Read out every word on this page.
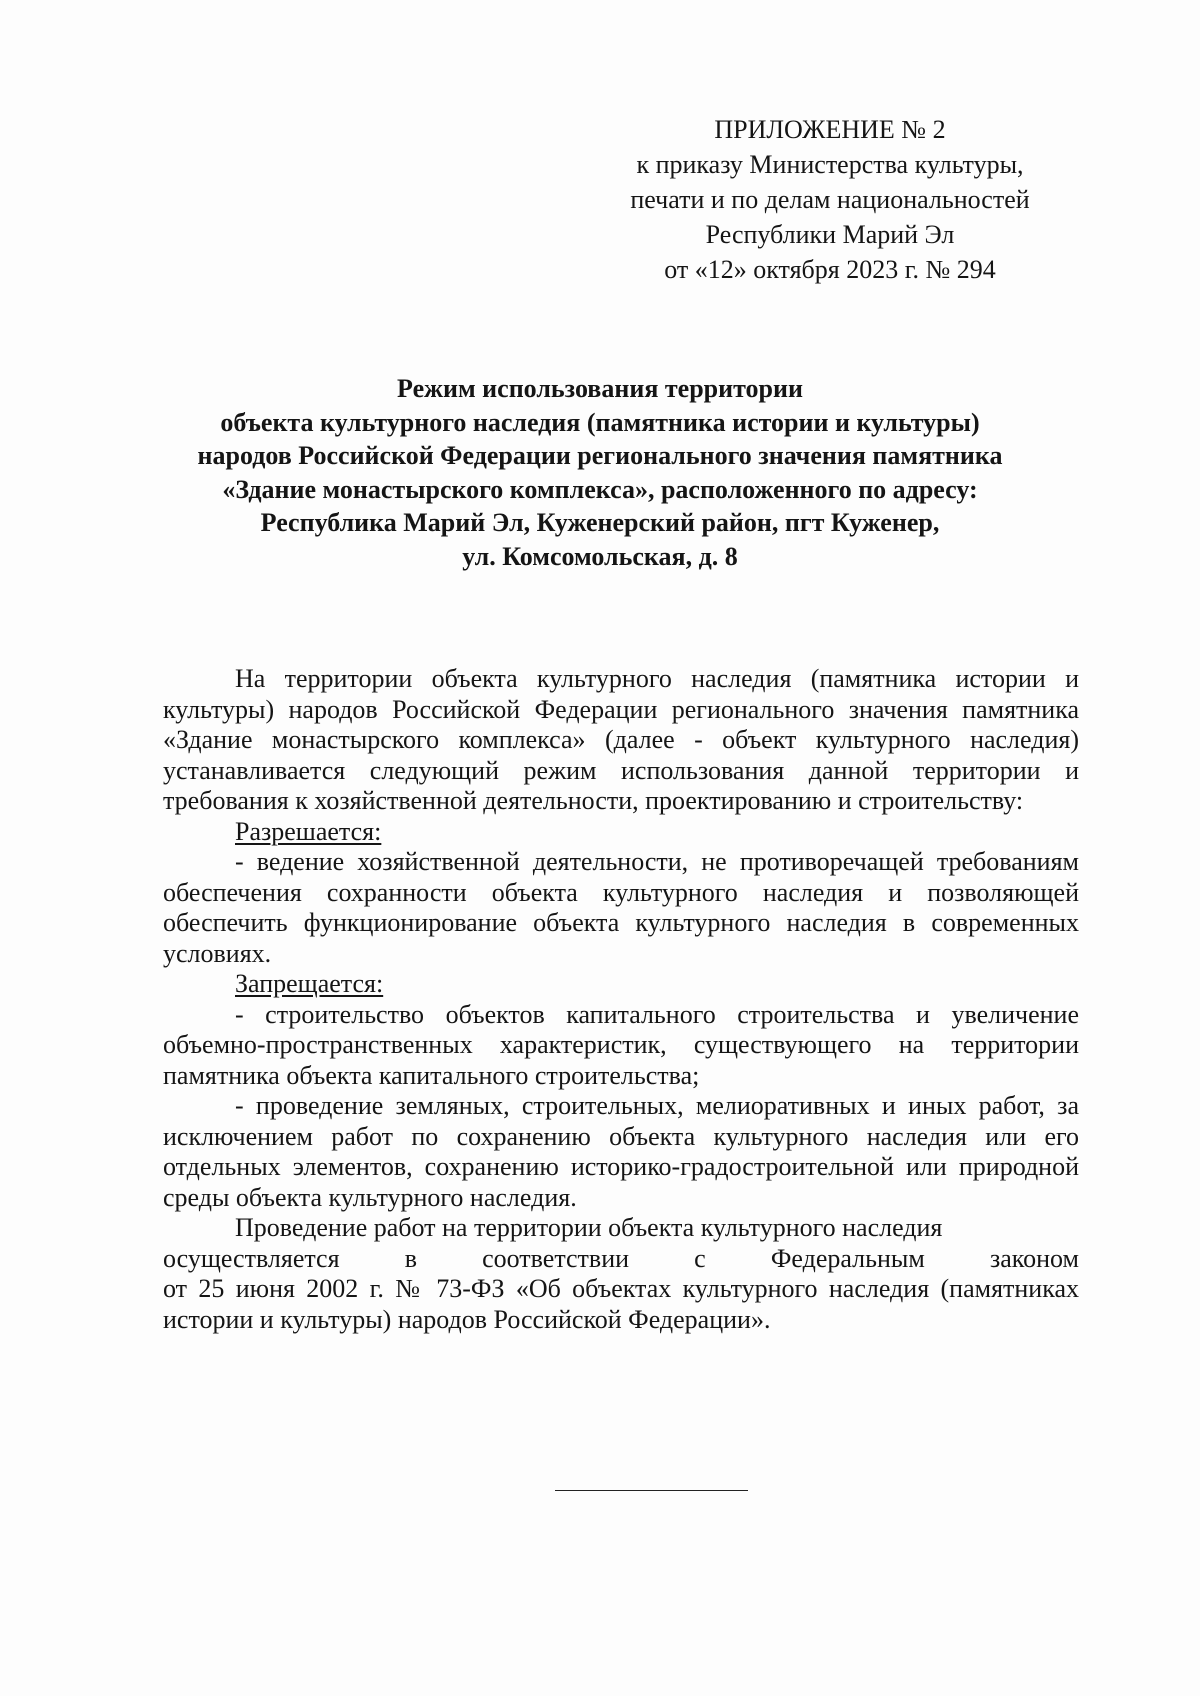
ПРИЛОЖЕНИЕ № 2
к приказу Министерства культуры,
печати и по делам национальностей
Республики Марий Эл
от «12» октября 2023 г. № 294
Режим использования территории
объекта культурного наследия (памятника истории и культуры)
народов Российской Федерации регионального значения памятника
«Здание монастырского комплекса», расположенного по адресу:
Республика Марий Эл, Куженерский район, пгт Куженер,
ул. Комсомольская, д. 8

На территории объекта культурного наследия (памятника истории и культуры) народов Российской Федерации регионального значения памятника «Здание монастырского комплекса» (далее - объект культурного наследия) устанавливается следующий режим использования данной территории и требования к хозяйственной деятельности, проектированию и строительству:

Разрешается:

- ведение хозяйственной деятельности, не противоречащей требованиям обеспечения сохранности объекта культурного наследия и позволяющей обеспечить функционирование объекта культурного наследия в современных условиях.

Запрещается:

- строительство объектов капитального строительства и увеличение объемно-пространственных характеристик, существующего на территории памятника объекта капитального строительства;

- проведение земляных, строительных, мелиоративных и иных работ, за исключением работ по сохранению объекта культурного наследия или его отдельных элементов, сохранению историко-градостроительной или природной среды объекта культурного наследия.

Проведение работ на территории объекта культурного наследия

осуществляется	в	соответствии	с	Федеральным	законом

от 25 июня 2002 г. № 73-ФЗ «Об объектах культурного наследия (памятниках истории и культуры) народов Российской Федерации».
